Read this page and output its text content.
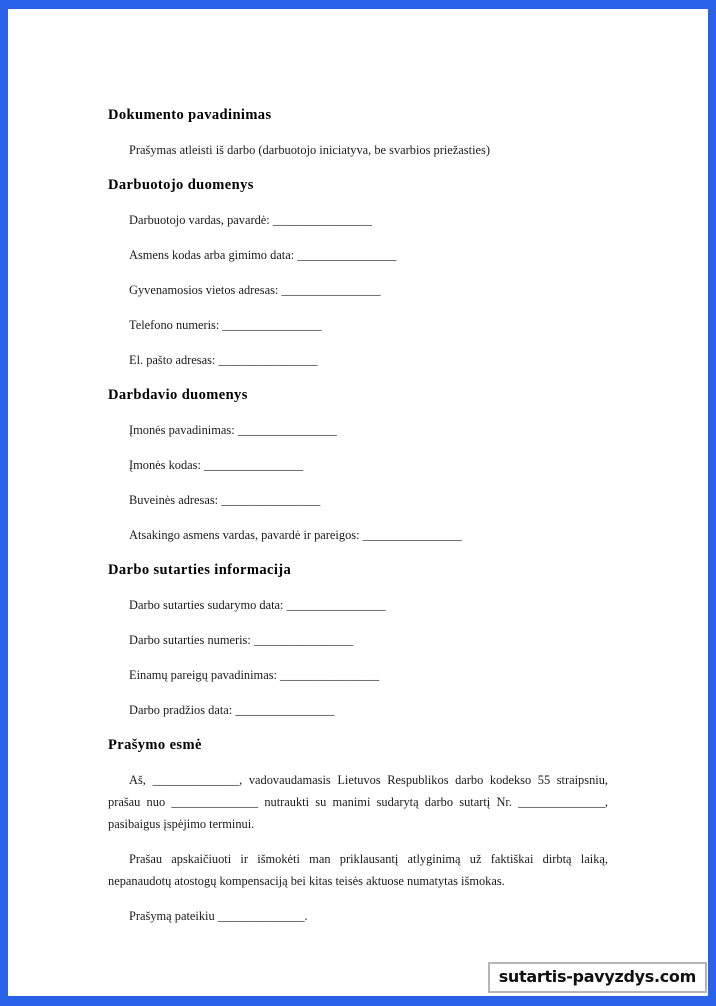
Dokumento pavadinimas

Prašymas atleisti iš darbo (darbuotojo iniciatyva, be svarbios priežasties)

Darbuotojo duomenys

Darbuotojo vardas, pavardė: ________________

Asmens kodas arba gimimo data: ________________

Gyvenamosios vietos adresas: ________________

Telefono numeris: ________________

El. pašto adresas: ________________

Darbdavio duomenys

Įmonės pavadinimas: ________________

Įmonės kodas: ________________

Buveinės adresas: ________________

Atsakingo asmens vardas, pavardė ir pareigos: ________________

Darbo sutarties informacija

Darbo sutarties sudarymo data: ________________

Darbo sutarties numeris: ________________

Einamų pareigų pavadinimas: ________________

Darbo pradžios data: ________________

Prašymo esmė

Aš, ______________, vadovaudamasis Lietuvos Respublikos darbo kodekso 55 straipsniu, prašau nuo ______________ nutraukti su manimi sudarytą darbo sutartį Nr. ______________, pasibaigus įspėjimo terminui.

Prašau apskaičiuoti ir išmokėti man priklausantį atlyginimą už faktiškai dirbtą laiką, nepanaudotų atostogų kompensaciją bei kitas teisės aktuose numatytas išmokas.

Prašymą pateikiu ______________.

sutartis-pavyzdys.com
